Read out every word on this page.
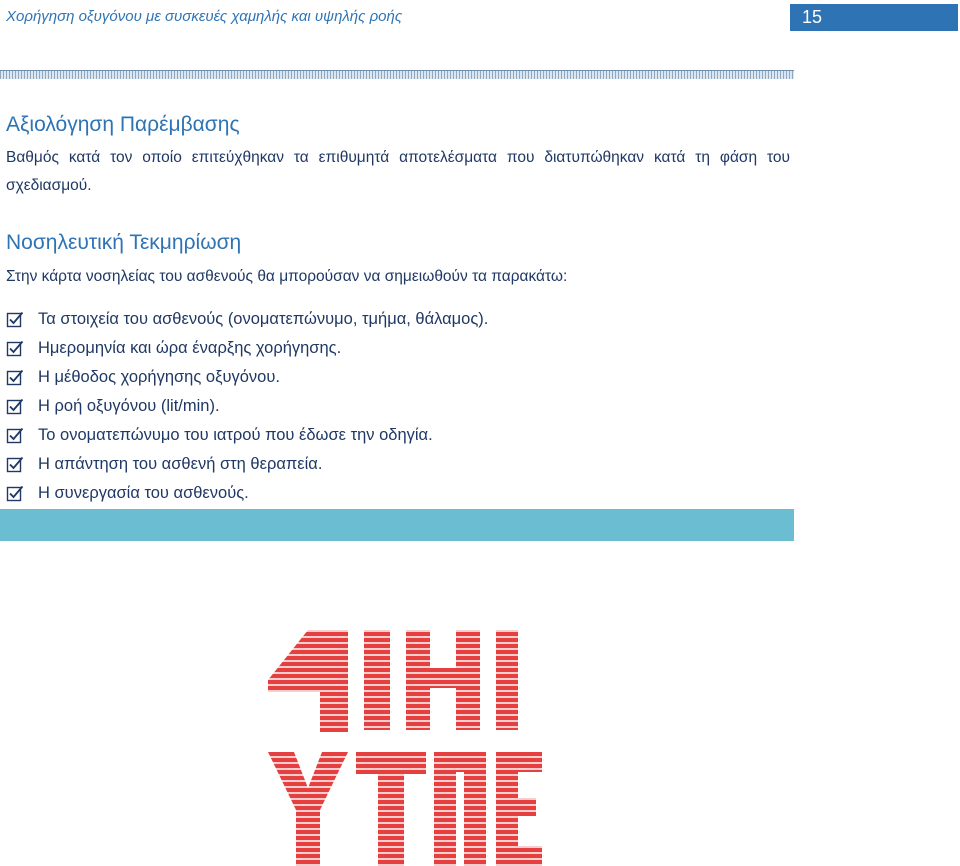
Χορήγηση οξυγόνου με συσκευές χαμηλής και υψηλής ροής	15
Αξιολόγηση Παρέμβασης
Βαθμός κατά τον οποίο επιτεύχθηκαν τα επιθυμητά αποτελέσματα που διατυπώθηκαν κατά τη φάση του σχεδιασμού.
Νοσηλευτική Τεκμηρίωση
Στην κάρτα νοσηλείας του ασθενούς θα μπορούσαν να σημειωθούν τα παρακάτω:
Τα στοιχεία του ασθενούς (ονοματεπώνυμο, τμήμα, θάλαμος).
Ημερομηνία και ώρα έναρξης χορήγησης.
Η μέθοδος χορήγησης οξυγόνου.
Η ροή οξυγόνου (lit/min).
Το ονοματεπώνυμο του ιατρού που έδωσε την οδηγία.
Η απάντηση του ασθενή στη θεραπεία.
Η συνεργασία του ασθενούς.
